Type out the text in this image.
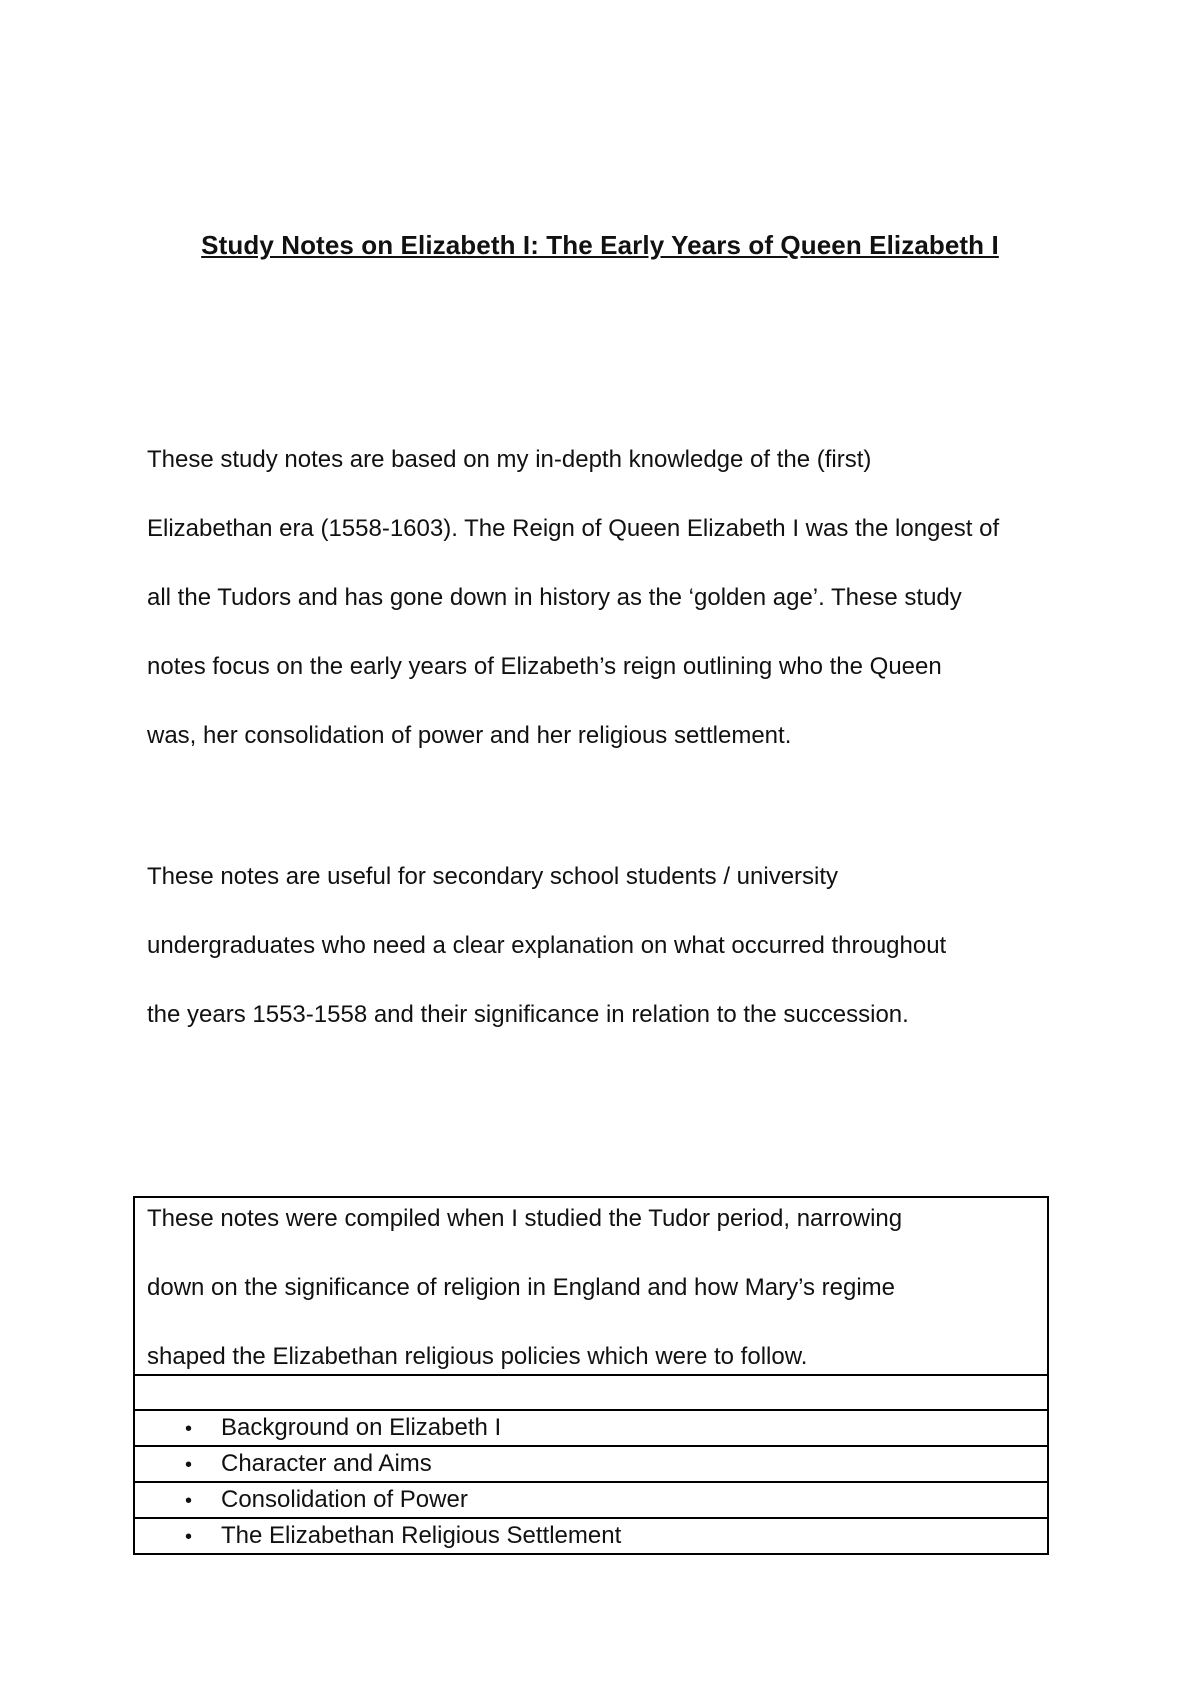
Study Notes on Elizabeth I: The Early Years of Queen Elizabeth I
These study notes are based on my in-depth knowledge of the (first)
Elizabethan era (1558-1603). The Reign of Queen Elizabeth I was the longest of
all the Tudors and has gone down in history as the ‘golden age’. These study
notes focus on the early years of Elizabeth’s reign outlining who the Queen
was, her consolidation of power and her religious settlement.
These notes are useful for secondary school students / university
undergraduates who need a clear explanation on what occurred throughout
the years 1553-1558 and their significance in relation to the succession.
These notes were compiled when I studied the Tudor period, narrowing
down on the significance of religion in England and how Mary’s regime
shaped the Elizabethan religious policies which were to follow.

• Background on Elizabeth I

• Character and Aims

• Consolidation of Power

• The Elizabethan Religious Settlement
